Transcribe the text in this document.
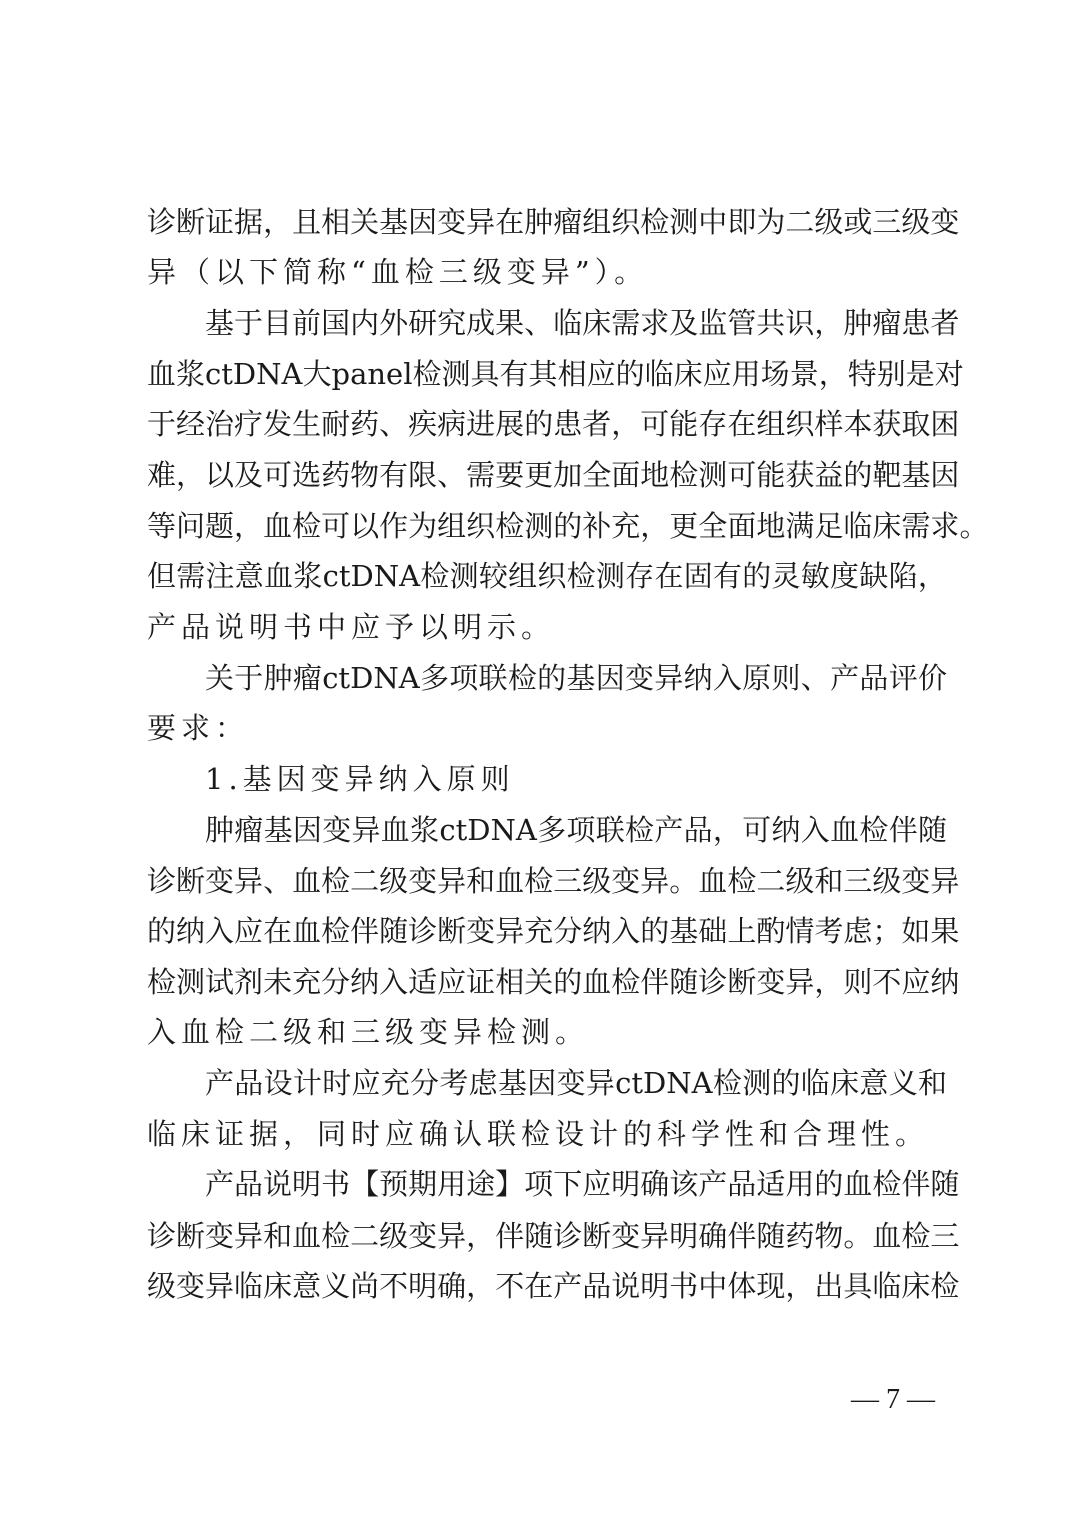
诊 断 证 据 ， 且 相 关 基 因 变 异 在 肿 瘤 组 织 检 测 中 即 为 二 级 或 三 级 变
异（以下简称“血检三级变异”）。
基 于 目 前 国 内 外 研 究 成 果 、 临 床 需 求 及 监 管 共 识 ， 肿 瘤 患 者
血 浆 ctDNA 大 panel 检 测 具 有 其 相 应 的 临 床 应 用 场 景 ， 特 别 是 对
于 经 治 疗 发 生 耐 药 、 疾 病 进 展 的 患 者 ， 可 能 存 在 组 织 样 本 获 取 困
难 ， 以 及 可 选 药 物 有 限 、 需 要 更 加 全 面 地 检 测 可 能 获 益 的 靶 基 因
等 问 题 ， 血 检 可 以 作 为 组 织 检 测 的 补 充 ， 更 全 面 地 满 足 临 床 需 求 。
但 需 注 意 血 浆 ctDNA 检 测 较 组 织 检 测 存 在 固 有 的 灵 敏 度 缺 陷 ，
产品说明书中应予以明示。
关 于 肿 瘤 ctDNA 多 项 联 检 的 基 因 变 异 纳 入 原 则 、 产 品 评 价
要求：
1.基因变异纳入原则
肿 瘤 基 因 变 异 血 浆 ctDNA 多 项 联 检 产 品 ， 可 纳 入 血 检 伴 随
诊 断 变 异 、 血 检 二 级 变 异 和 血 检 三 级 变 异 。 血 检 二 级 和 三 级 变 异
的 纳 入 应 在 血 检 伴 随 诊 断 变 异 充 分 纳 入 的 基 础 上 酌 情 考 虑 ； 如 果
检 测 试 剂 未 充 分 纳 入 适 应 证 相 关 的 血 检 伴 随 诊 断 变 异 ， 则 不 应 纳
入血检二级和三级变异检测。
产 品 设 计 时 应 充 分 考 虑 基 因 变 异 ctDNA 检 测 的 临 床 意 义 和
临床证据，同时应确认联检设计的科学性和合理性。
产 品 说 明 书 【 预 期 用 途 】 项 下 应 明 确 该 产 品 适 用 的 血 检 伴 随
诊 断 变 异 和 血 检 二 级 变 异 ， 伴 随 诊 断 变 异 明 确 伴 随 药 物 。 血 检 三
级 变 异 临 床 意 义 尚 不 明 确 ， 不 在 产 品 说 明 书 中 体 现 ， 出 具 临 床 检
— 7 —
